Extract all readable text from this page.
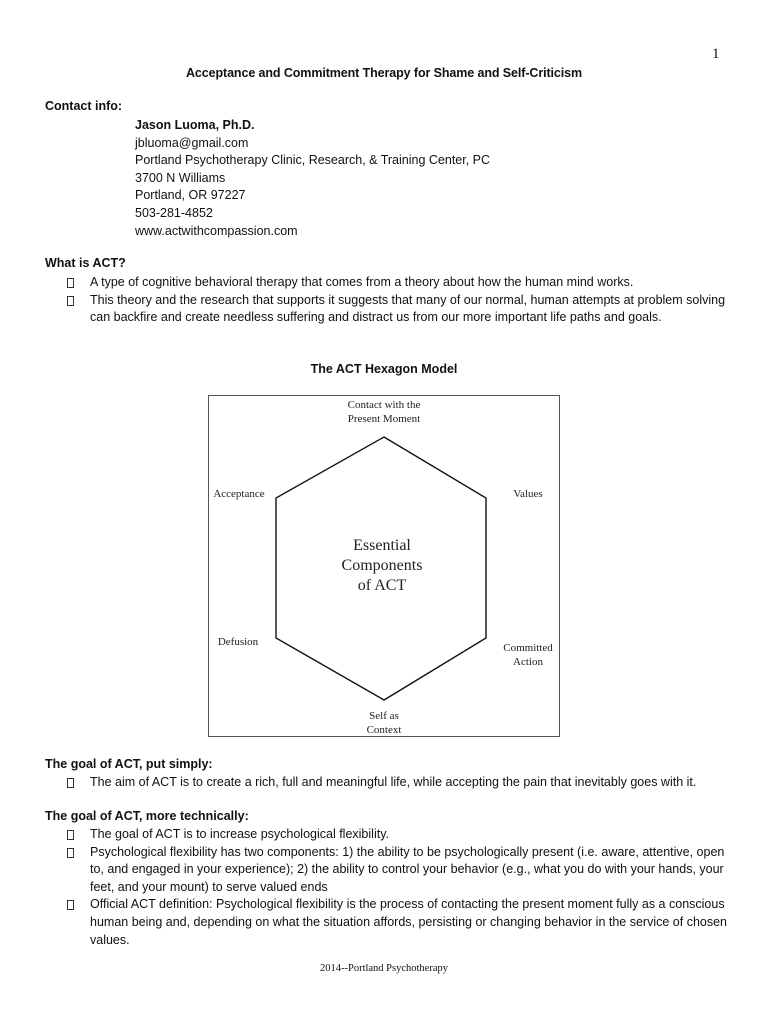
1
Acceptance and Commitment Therapy for Shame and Self-Criticism
Contact info:
Jason Luoma, Ph.D.
jbluoma@gmail.com
Portland Psychotherapy Clinic, Research, & Training Center, PC
3700 N Williams
Portland, OR 97227
503-281-4852
www.actwithcompassion.com
What is ACT?
A type of cognitive behavioral therapy that comes from a theory about how the human mind works.
This theory and the research that supports it suggests that many of our normal, human attempts at problem solving can backfire and create needless suffering and distract us from our more important life paths and goals.
The ACT Hexagon Model
Contact with the
Present Moment
Acceptance	Values
Defusion	Committed
Action
Self as
Context
Essential
Components
of ACT
The goal of ACT, put simply:
The aim of ACT is to create a rich, full and meaningful life, while accepting the pain that inevitably goes with it.
The goal of ACT, more technically:
The goal of ACT is to increase psychological flexibility.
Psychological flexibility has two components: 1) the ability to be psychologically present (i.e. aware, attentive, open to, and engaged in your experience); 2) the ability to control your behavior (e.g., what you do with your hands, your feet, and your mount) to serve valued ends
Official ACT definition: Psychological flexibility is the process of contacting the present moment fully as a conscious human being and, depending on what the situation affords, persisting or changing behavior in the service of chosen values.
2014--Portland Psychotherapy
